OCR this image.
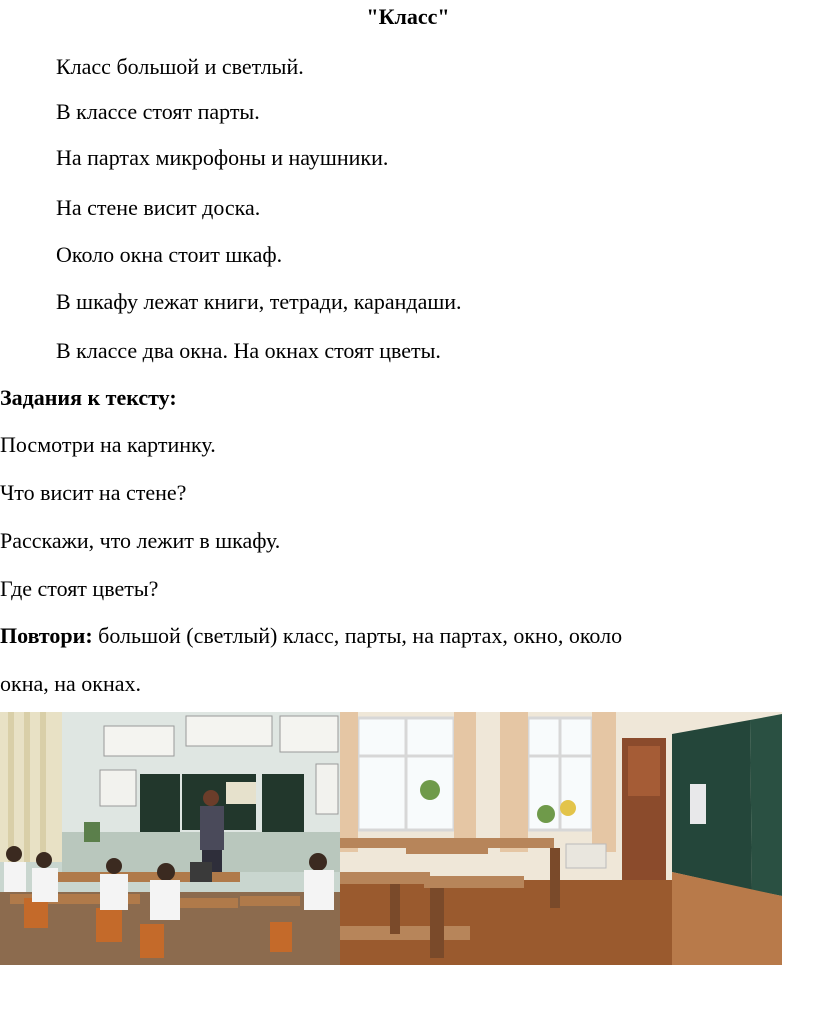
"Класс"
Класс большой и светлый.
В классе стоят парты.
На партах микрофоны и наушники.
На стене висит доска.
Около окна стоит шкаф.
В шкафу лежат книги, тетради, карандаши.
В классе два окна. На окнах стоят цветы.
Задания к тексту:
Посмотри на картинку.
Что висит на стене?
Расскажи, что лежит в шкафу.
Где стоят цветы?
Повтори: большой (светлый) класс, парты, на партах, окно, около
окна, на окнах.
